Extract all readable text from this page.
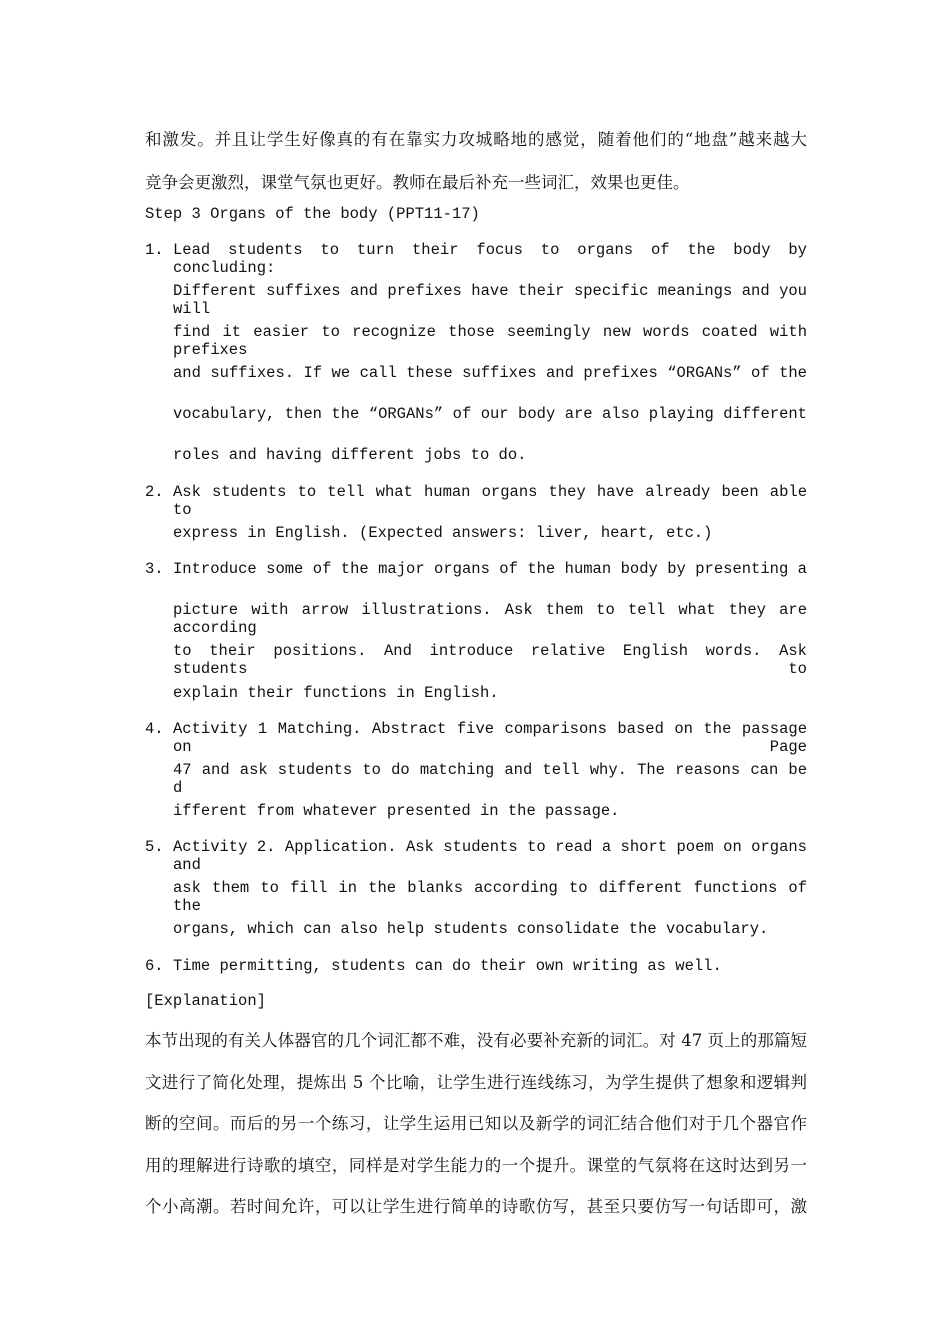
和激发。并且让学生好像真的有在靠实力攻城略地的感觉，随着他们的“地盘”越来越大
竞争会更激烈，课堂气氛也更好。教师在最后补充一些词汇，效果也更佳。
Step 3 Organs of the body (PPT11-17)
1. Lead students to turn their focus to organs of the body by concluding:
Different suffixes and prefixes have their specific meanings and you will
find it easier to recognize those seemingly new words coated with prefixes
and suffixes. If we call these suffixes and prefixes “ORGANs” of the
vocabulary, then the “ORGANs” of our body are also playing different
roles and having different jobs to do.
2. Ask students to tell what human organs they have already been able to
express in English. (Expected answers: liver, heart, etc.)
3. Introduce some of the major organs of the human body by presenting a
picture with arrow illustrations. Ask them to tell what they are according
to their positions. And introduce relative English words. Ask students to
explain their functions in English.
4. Activity 1 Matching. Abstract five comparisons based on the passage on Page
47 and ask students to do matching and tell why. The reasons can be d
ifferent from whatever presented in the passage.
5. Activity 2. Application. Ask students to read a short poem on organs and
ask them to fill in the blanks according to different functions of the
organs, which can also help students consolidate the vocabulary.
6. Time permitting, students can do their own writing as well.
[Explanation]
本节出现的有关人体器官的几个词汇都不难，没有必要补充新的词汇。对 47 页上的那篇短
文进行了简化处理，提炼出 5 个比喻，让学生进行连线练习，为学生提供了想象和逻辑判
断的空间。而后的另一个练习，让学生运用已知以及新学的词汇结合他们对于几个器官作
用的理解进行诗歌的填空，同样是对学生能力的一个提升。课堂的气氛将在这时达到另一
个小高潮。若时间允许，可以让学生进行简单的诗歌仿写，甚至只要仿写一句话即可，激
